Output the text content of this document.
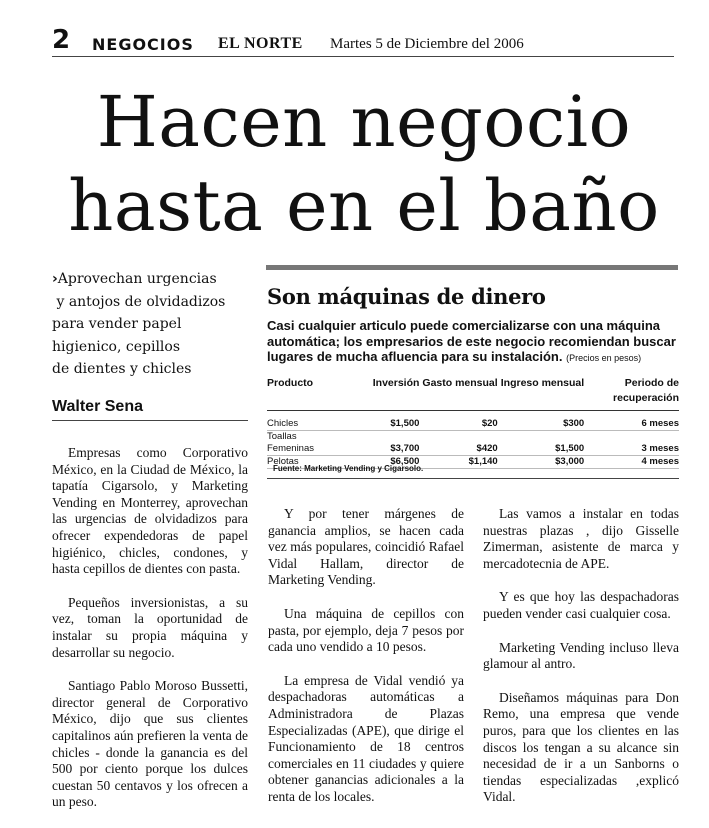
2 NEGOCIOS EL NORTE Martes 5 de Diciembre del 2006
Hacen negocio
hasta en el baño
›Aprovechan urgencias
y antojos de olvidadizos
para vender papel
higienico, cepillos
de dientes y chicles
Walter Sena

Empresas como Corporativo México, en la Ciudad de México, la tapatía Cigarsolo, y Marketing Vending en Monterrey, aprovechan las urgencias de olvidadizos para ofrecer expendedoras de papel higiénico, chicles, condones, y hasta cepillos de dientes con pasta.

Pequeños inversionistas, a su vez, toman la oportunidad de instalar su propia máquina y desarrollar su negocio.

Santiago Pablo Moroso Bussetti, director general de Corporativo México, dijo que sus clientes capitalinos aún prefieren la venta de chicles - donde la ganancia es del 500 por ciento porque los dulces cuestan 50 centavos y los ofrecen a un peso.

Son máquinas de dinero
Casi cualquier articulo puede comercializarse con una máquina automática; los empresarios de este negocio recomiendan buscar lugares de mucha afluencia para su instalación. (Precios en pesos)
Producto	Inversión	Gasto mensual	Ingreso mensual	Periodo de recuperación

Chicles	$1,500	$20	$300	6 meses
Toallas				
Femeninas	$3,700	$420	$1,500	3 meses
Pelotas	$6,500	$1,140	$3,000	4 meses
Fuente: Marketing Vending y Cigarsolo.

Y por tener márgenes de ganancia amplios, se hacen cada vez más populares, coincidió Rafael Vidal Hallam, director de Marketing Vending.

Una máquina de cepillos con pasta, por ejemplo, deja 7 pesos por cada uno vendido a 10 pesos.

La empresa de Vidal vendió ya despachadoras automáticas a Administradora de Plazas Especializadas (APE), que dirige el Funcionamiento de 18 centros comerciales en 11 ciudades y quiere obtener ganancias adicionales a la renta de los locales.

Las vamos a instalar en todas nuestras plazas , dijo Gisselle Zimerman, asistente de marca y mercadotecnia de APE.

Y es que hoy las despachadoras pueden vender casi cualquier cosa.

Marketing Vending incluso lleva glamour al antro.

Diseñamos máquinas para Don Remo, una empresa que vende puros, para que los clientes en las discos los tengan a su alcance sin necesidad de ir a un Sanborns o tiendas especializadas ,explicó Vidal.
